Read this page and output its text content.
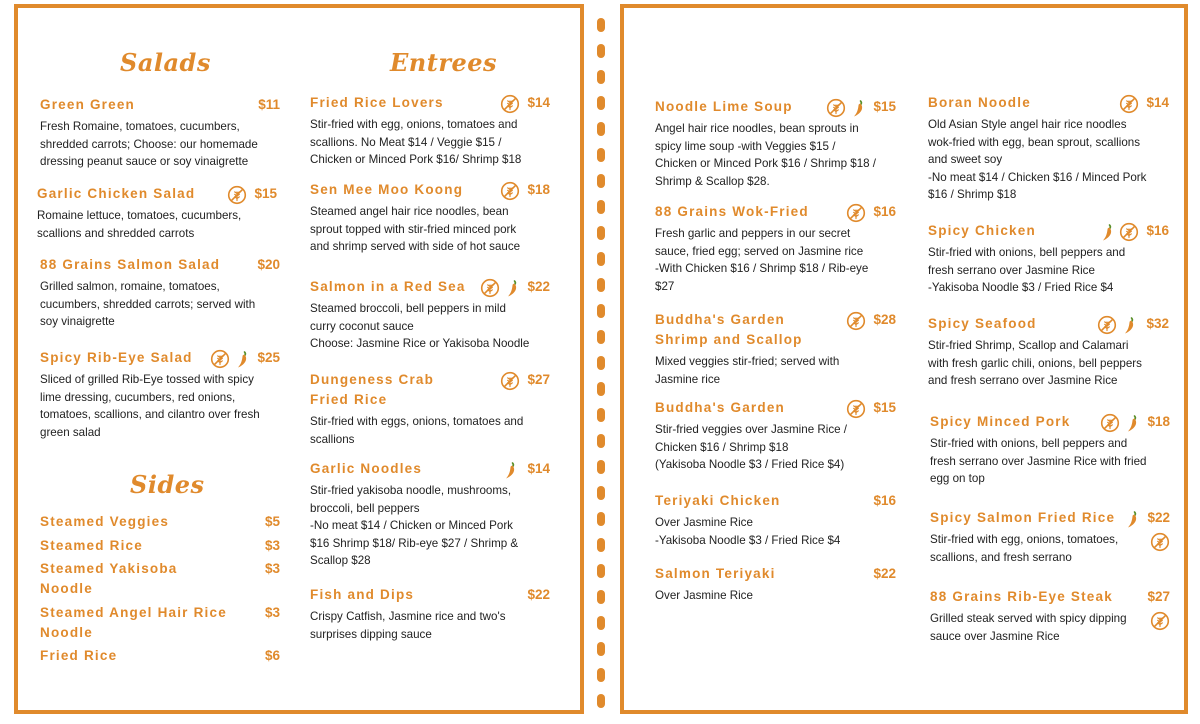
Salads
Green Green	$11
Fresh Romaine, tomatoes, cucumbers,
shredded carrots; Choose: our homemade
dressing peanut sauce or soy vinaigrette
Garlic Chicken Salad	$15
Romaine lettuce, tomatoes, cucumbers,
scallions and shredded carrots
88 Grains Salmon Salad	$20
Grilled salmon, romaine, tomatoes,
cucumbers, shredded carrots; served with
soy vinaigrette
Spicy Rib-Eye Salad	$25
Sliced of grilled Rib-Eye tossed with spicy
lime dressing, cucumbers, red onions,
tomatoes, scallions, and cilantro over fresh
green salad
Sides
Steamed Veggies	$5
Steamed Rice	$3
Steamed Yakisoba
Noodle
$3
Steamed Angel Hair Rice
Noodle
$3
Fried Rice	$6
Entrees
Fried Rice Lovers	$14
Stir-fried with egg, onions, tomatoes and
scallions. No Meat $14 / Veggie $15 /
Chicken or Minced Pork $16/ Shrimp $18
Sen Mee Moo Koong	$18
Steamed angel hair rice noodles, bean
sprout topped with stir-fried minced pork
and shrimp served with side of hot sauce
Salmon in a Red Sea	$22
Steamed broccoli, bell peppers in mild
curry coconut sauce
Choose: Jasmine Rice or Yakisoba Noodle
Dungeness Crab
Fried Rice
$27
Stir-fried with eggs, onions, tomatoes and
scallions
Garlic Noodles	$14
Stir-fried yakisoba noodle, mushrooms,
broccoli, bell peppers
-No meat $14 / Chicken or Minced Pork
$16 Shrimp $18/ Rib-eye $27 / Shrimp &
Scallop $28
Fish and Dips	$22
Crispy Catfish, Jasmine rice and two's
surprises dipping sauce
Noodle Lime Soup	$15
Angel hair rice noodles, bean sprouts in
spicy lime soup -with Veggies $15 /
Chicken or Minced Pork $16 / Shrimp $18 /
Shrimp & Scallop $28.
88 Grains Wok-Fried	$16
Fresh garlic and peppers in our secret
sauce, fried egg; served on Jasmine rice
-With Chicken $16 / Shrimp $18 / Rib-eye
$27
Buddha's Garden
Shrimp and Scallop
$28
Mixed veggies stir-fried; served with
Jasmine rice
Buddha's Garden	$15
Stir-fried veggies over Jasmine Rice /
Chicken $16 / Shrimp $18
(Yakisoba Noodle $3 / Fried Rice $4)
Teriyaki Chicken	$16
Over Jasmine Rice
-Yakisoba Noodle $3 / Fried Rice $4
Salmon Teriyaki	$22
Over Jasmine Rice
Boran Noodle	$14
Old Asian Style angel hair rice noodles
wok-fried with egg, bean sprout, scallions
and sweet soy
-No meat $14 / Chicken $16 / Minced Pork
$16 / Shrimp $18
Spicy Chicken	$16
Stir-fried with onions, bell peppers and
fresh serrano over Jasmine Rice
-Yakisoba Noodle $3 / Fried Rice $4
Spicy Seafood	$32
Stir-fried Shrimp, Scallop and Calamari
with fresh garlic chili, onions, bell peppers
and fresh serrano over Jasmine Rice
Spicy Minced Pork	$18
Stir-fried with onions, bell peppers and
fresh serrano over Jasmine Rice with fried
egg on top
Spicy Salmon Fried Rice	$22
Stir-fried with egg, onions, tomatoes,
scallions, and fresh serrano
88 Grains Rib-Eye Steak	$27
Grilled steak served with spicy dipping
sauce over Jasmine Rice
